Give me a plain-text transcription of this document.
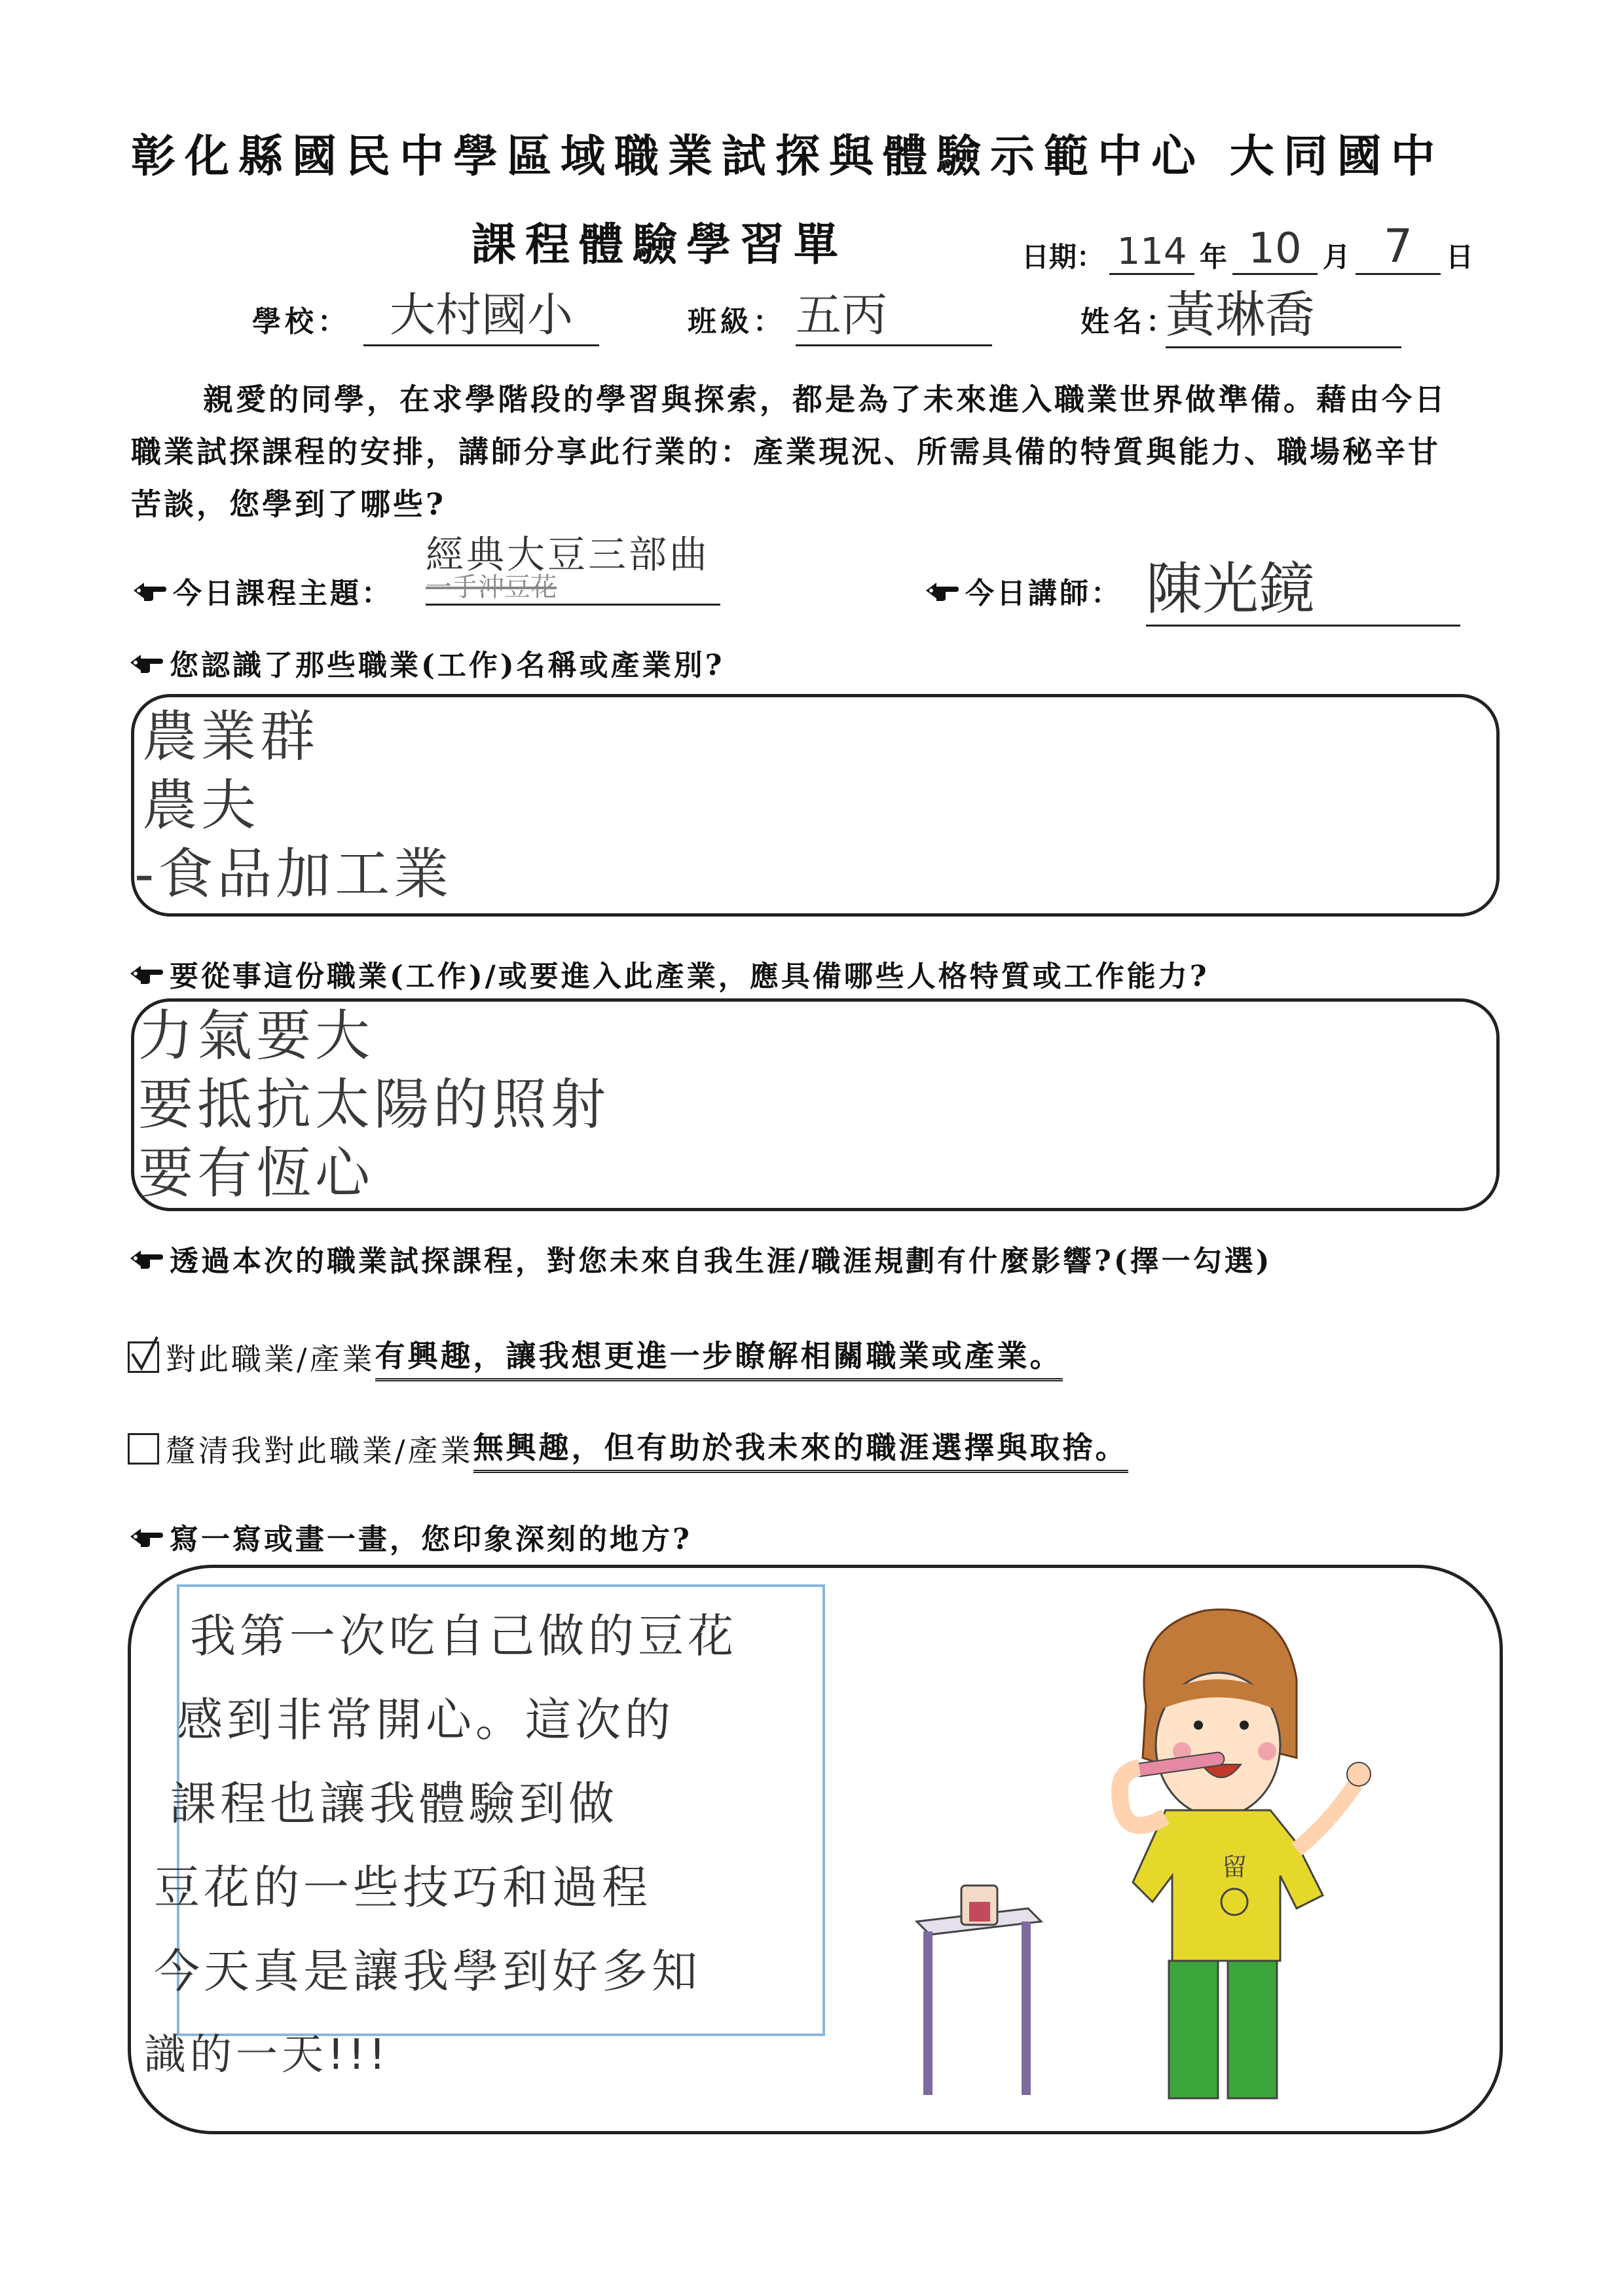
彰化縣國民中學區域職業試探與體驗示範中心 大同國中
課程體驗學習單	日期： 114 年 10 月 7	日
學校： 大村國小	班級： 五丙	姓名：
黃琳喬
親愛的同學，在求學階段的學習與探索，都是為了未來進入職業世界做準備。藉由今日職業試探課程的安排，講師分享此行業的：產業現況、所需具備的特質與能力、職場秘辛甘苦談，您學到了哪些?
今日課程主題：
經典大豆三部曲
一手沖豆花	今日講師： 陳光鏡
您認識了那些職業(工作)名稱或產業別?
農業群
農夫
-食品加工業
要從事這份職業(工作)/或要進入此產業，應具備哪些人格特質或工作能力?
力氣要大
要抵抗太陽的照射
要有恆心
透過本次的職業試探課程，對您未來自我生涯/職涯規劃有什麼影響?(擇一勾選)
對此職業/產業 有興趣，讓我想更進一步瞭解相關職業或產業。
釐清我對此職業/產業 無興趣，但有助於我未來的職涯選擇與取捨。
寫一寫或畫一畫，您印象深刻的地方?
我第一次吃自己做的豆花
感到非常開心。這次的
課程也讓我體驗到做
豆花的一些技巧和過程
今天真是讓我學到好多知
識的一天!!!
留
